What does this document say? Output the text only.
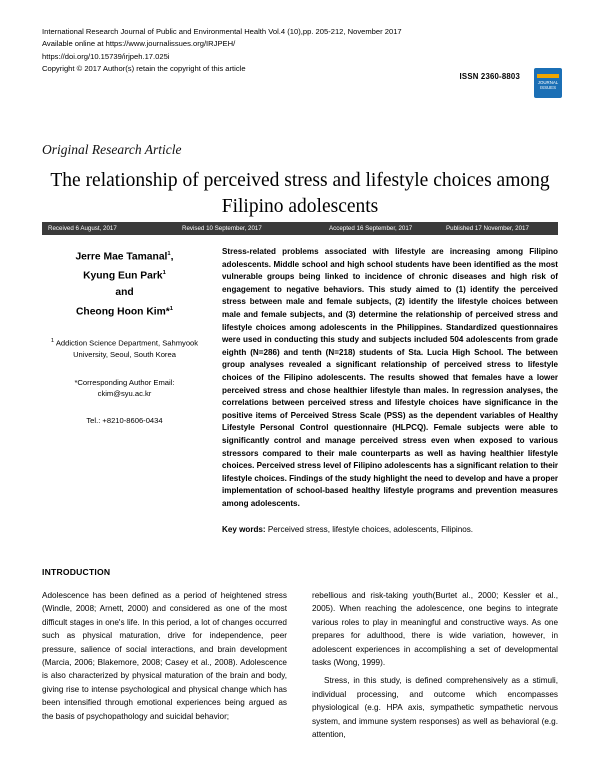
International Research Journal of Public and Environmental Health Vol.4 (10),pp. 205-212, November 2017
Available online at https://www.journalissues.org/IRJPEH/
https://doi.org/10.15739/irjpeh.17.025i
Copyright © 2017 Author(s) retain the copyright of this article
ISSN 2360-8803
JOURNAL ISSUES
Original Research Article
The relationship of perceived stress and lifestyle choices among Filipino adolescents
Received 6 August, 2017	Revised 10 September, 2017	Accepted 16 September, 2017	Published 17 November, 2017
Jerre Mae Tamanal$^1$,
Kyung Eun Park$^1$
and
Cheong Hoon Kim*$^1$
$^1$ Addiction Science Department, Sahmyook University, Seoul, South Korea
*Corresponding Author Email:
ckim@syu.ac.kr
Tel.: +8210-8606-0434
Stress-related problems associated with lifestyle are increasing among Filipino adolescents. Middle school and high school students have been identified as the most vulnerable groups being linked to incidence of chronic diseases and high risk of engagement to negative behaviors. This study aimed to (1) identify the perceived stress between male and female subjects, (2) identify the lifestyle choices between male and female subjects, and (3) determine the relationship of perceived stress and lifestyle choices among adolescents in the Philippines. Standardized questionnaires were used in conducting this study and subjects included 504 adolescents from grade eighth (N=286) and tenth (N=218) students of Sta. Lucia High School. The between group analyses revealed a significant relationship of perceived stress to lifestyle choices of the Filipino adolescents. The results showed that females have a lower perceived stress and chose healthier lifestyle than males. In regression analyses, the correlations between perceived stress and lifestyle choices have significance in the positive items of Perceived Stress Scale (PSS) as the dependent variables of Healthy Lifestyle Personal Control questionnaire (HLPCQ). Female subjects were able to significantly control and manage perceived stress even when exposed to various stressors compared to their male counterparts as well as having healthier lifestyle choices. Perceived stress level of Filipino adolescents has a significant relation to their lifestyle choices. Findings of the study highlight the need to develop and have a proper implementation of school-based healthy lifestyle programs and prevention measures among adolescents.
Key words: Perceived stress, lifestyle choices, adolescents, Filipinos.
INTRODUCTION

Adolescence has been defined as a period of heightened stress (Windle, 2008; Arnett, 2000) and considered as one of the most difficult stages in one's life. In this period, a lot of changes occurred such as physical maturation, drive for independence, peer pressure, salience of social interactions, and brain development (Marcia, 2006; Blakemore, 2008; Casey et al., 2008). Adolescence is also characterized by physical maturation of the brain and body, giving rise to intense psychological and physical change which has been intensified through emotional experiences being argued as the basis of psychopathology and suicidal behavior;

rebellious and risk-taking youth(Burtet al., 2000; Kessler et al., 2005). When reaching the adolescence, one begins to integrate various roles to play in meaningful and constructive ways. As one prepares for adulthood, there is wide variation, however, in adolescent experiences in accomplishing a set of developmental tasks (Wong, 1999).

Stress, in this study, is defined comprehensively as a stimuli, individual processing, and outcome which encompasses physiological (e.g. HPA axis, sympathetic sympathetic nervous system, and immune system responses) as well as behavioral (e.g. attention,
